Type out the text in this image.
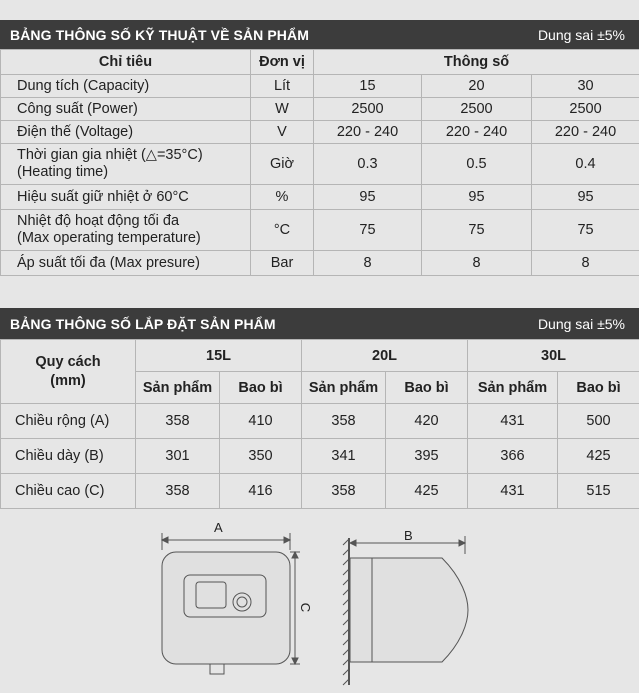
BẢNG THÔNG SỐ KỸ THUẬT VỀ SẢN PHẨM	Dung sai ±5%
Chỉ tiêu	Đơn vị	Thông số		
Dung tích (Capacity)	Lít	15	20	30
Công suất (Power)	W	2500	2500	2500
Điện thế (Voltage)	V	220 - 240	220 - 240	220 - 240

Thời gian gia nhiệt (△=35°C)
(Heating time)	Giờ	0.3	0.5	0.4
Hiệu suất giữ nhiệt ở 60°C	%	95	95	95

Nhiệt độ hoạt động tối đa
(Max operating temperature)	°C	75	75	75
Áp suất tối đa (Max presure)	Bar	8	8	8
BẢNG THÔNG SỐ LẮP ĐẶT SẢN PHẨM	Dung sai ±5%
Quy cách
(mm)	15L		20L		30L	
	Sản phẩm	Bao bì	Sản phẩm	Bao bì	Sản phẩm	Bao bì
Chiều rộng (A)	358	410	358	420	431	500
Chiều dày (B)	301	350	341	395	366	425
Chiều cao (C)	358	416	358	425	431	515
A
B
C
